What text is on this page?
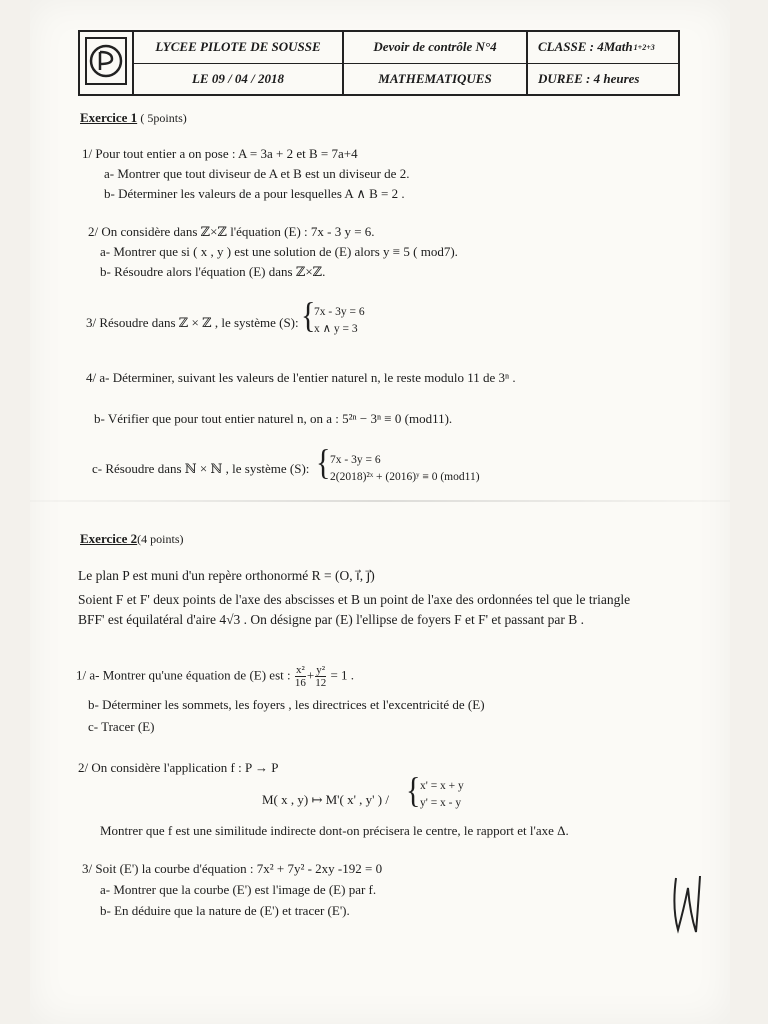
LYCEE PILOTE DE SOUSSE
LE 09 / 04 / 2018
Devoir de contrôle N°4
MATHEMATIQUES
CLASSE : 4Math 1+2+3
DUREE : 4 heures
Exercice 1 ( 5points)
1/ Pour tout entier a on pose : A = 3a + 2 et B = 7a+4
a- Montrer que tout diviseur de A et B est un diviseur de 2.
b- Déterminer les valeurs de a pour lesquelles A ∧ B = 2 .
2/ On considère dans ℤ×ℤ l'équation (E) : 7x - 3 y = 6.
a- Montrer que si ( x , y ) est une solution de (E) alors y ≡ 5 ( mod7).
b- Résoudre alors l'équation (E) dans ℤ×ℤ.
3/ Résoudre dans ℤ × ℤ , le système (S): {
7x - 3y = 6
x ∧ y = 3
4/ a- Déterminer, suivant les valeurs de l'entier naturel n, le reste modulo 11 de 3ⁿ .
b- Vérifier que pour tout entier naturel n, on a : 5²ⁿ − 3ⁿ ≡ 0 (mod11).
c- Résoudre dans ℕ × ℕ , le système (S): { 7x - 3y = 6
2(2018)²ˣ + (2016)ʸ ≡ 0 (mod11)
Exercice 2(4 points)
Le plan P est muni d'un repère orthonormé R = (O, i⃗, j⃗)
Soient F et F' deux points de l'axe des abscisses et B un point de l'axe des ordonnées tel que le triangle
BFF' est équilatéral d'aire 4√3 . On désigne par (E) l'ellipse de foyers F et F' et passant par B .
1/ a- Montrer qu'une équation de (E) est : $\frac{\text{x²}}{16} + \frac{\text{y²}}{12} = 1$ .
b- Déterminer les sommets, les foyers , les directrices et l'excentricité de (E)
c- Tracer (E)
2/ On considère l'application f : P → P
M( x , y) ↦ M'( x' , y' ) / { x' = x + y
y' = x - y
Montrer que f est une similitude indirecte dont-on précisera le centre, le rapport et l'axe Δ.
3/ Soit (E') la courbe d'équation : 7x² + 7y² - 2xy -192 = 0
a- Montrer que la courbe (E') est l'image de (E) par f.
b- En déduire que la nature de (E') et tracer (E').
